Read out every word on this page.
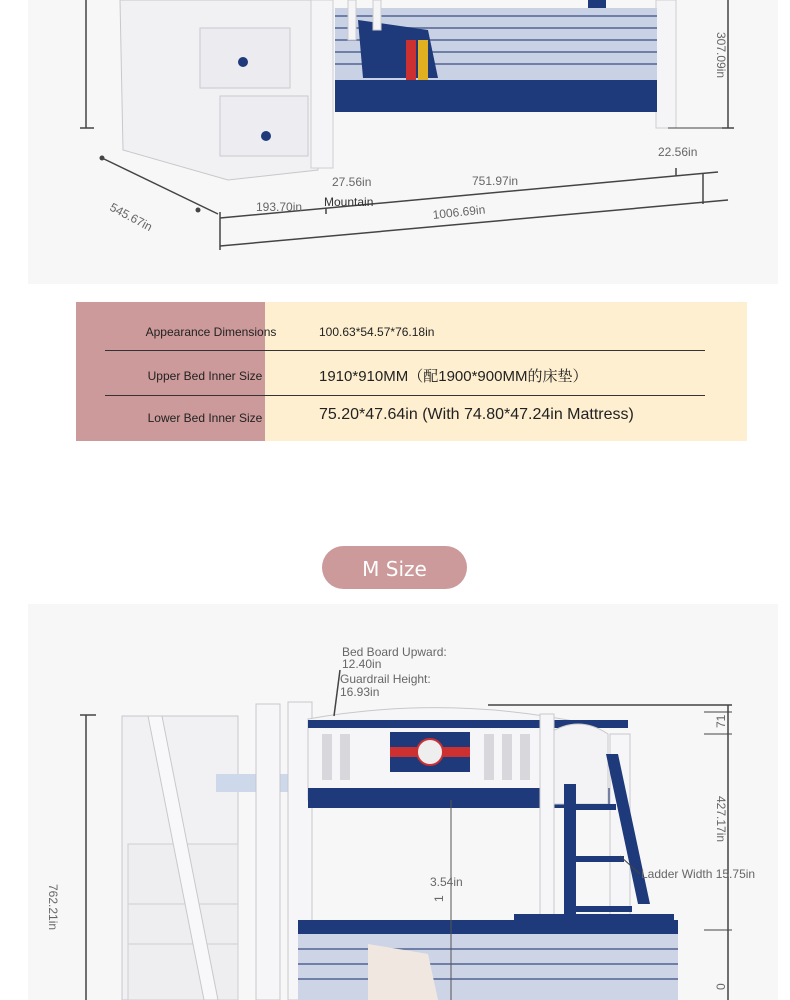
307.09in
545.67in	193.70in
27.56in	751.97in
22.56in
1006.69in
Mountain
Appearance Dimensions	100.63*54.57*76.18in
Upper Bed Inner Size	1910*910MM（配1900*900MM的床垫）
Lower Bed Inner Size	75.20*47.64in (With 74.80*47.24in Mattress)
M Size
Bed Board Upward:
12.40in
Guardrail Height:
16.93in
762.21in
427.17in
71
3.54in
Ladder Width 15.75in
1
0
